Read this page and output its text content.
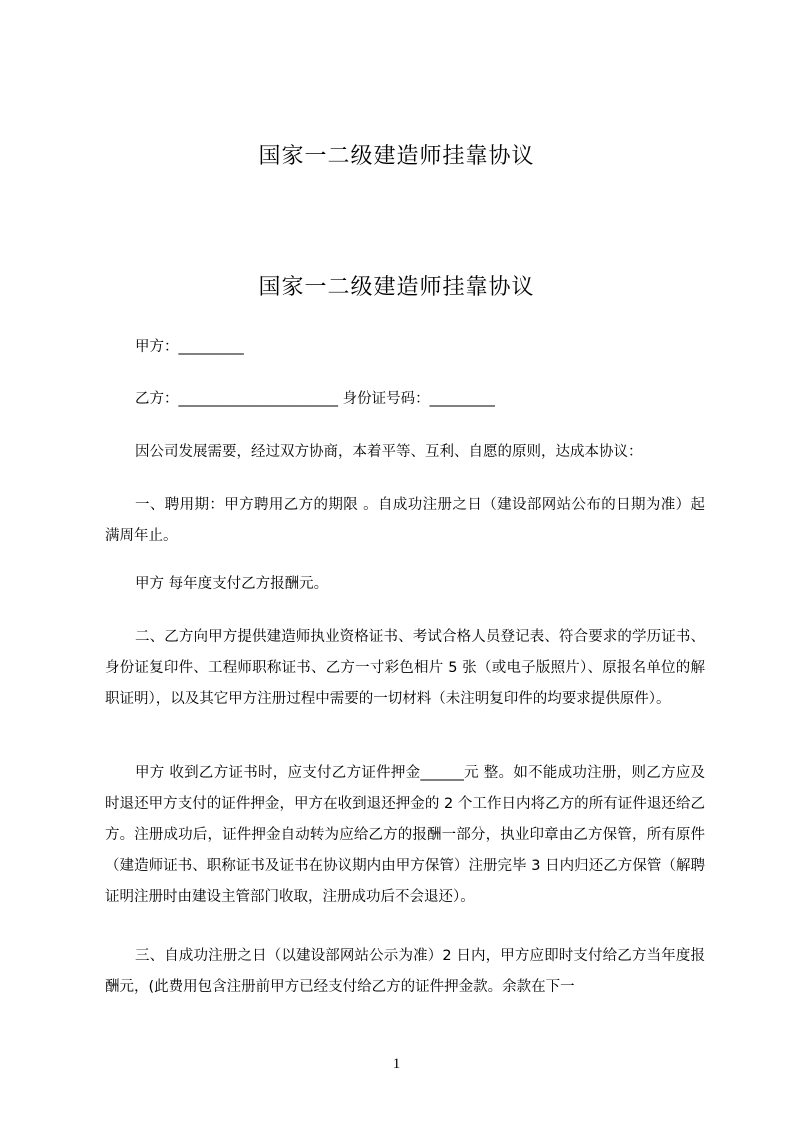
国家一二级建造师挂靠协议
国家一二级建造师挂靠协议

甲方：_________

乙方：______________________ 身份证号码：_________

因公司发展需要，经过双方协商，本着平等、互利、自愿的原则，达成本协议：

一、聘用期：甲方聘用乙方的期限 。自成功注册之日（建设部网站公布的日期为准）起满周年止。

甲方 每年度支付乙方报酬元。

二、乙方向甲方提供建造师执业资格证书、考试合格人员登记表、符合要求的学历证书、身份证复印件、工程师职称证书、乙方一寸彩色相片 5 张（或电子版照片）、原报名单位的解职证明），以及其它甲方注册过程中需要的一切材料（未注明复印件的均要求提供原件）。

甲方 收到乙方证书时，应支付乙方证件押金______元 整。如不能成功注册，则乙方应及时退还甲方支付的证件押金，甲方在收到退还押金的 2 个工作日内将乙方的所有证件退还给乙方。注册成功后，证件押金自动转为应给乙方的报酬一部分，执业印章由乙方保管，所有原件（建造师证书、职称证书及证书在协议期内由甲方保管）注册完毕 3 日内归还乙方保管（解聘证明注册时由建设主管部门收取，注册成功后不会退还）。

三、自成功注册之日（以建设部网站公示为准）2 日内，甲方应即时支付给乙方当年度报酬元，(此费用包含注册前甲方已经支付给乙方的证件押金款。余款在下一

1
